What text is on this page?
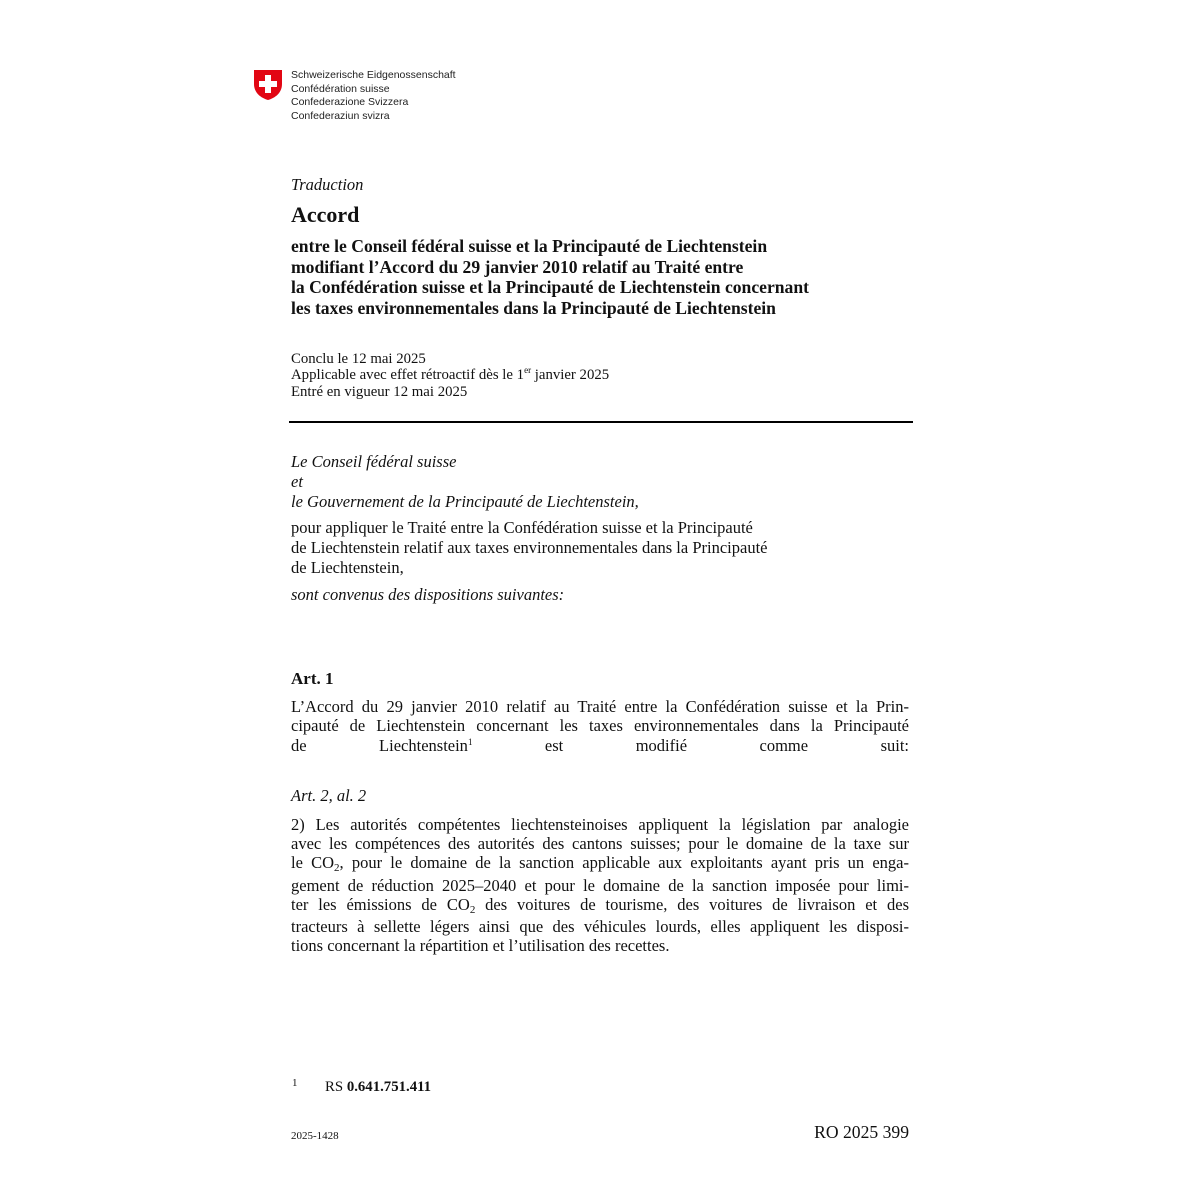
Schweizerische Eidgenossenschaft
Confédération suisse
Confederazione Svizzera
Confederaziun svizra
Traduction
Accord
entre le Conseil fédéral suisse et la Principauté de Liechtenstein
modifiant l’Accord du 29 janvier 2010 relatif au Traité entre
la Confédération suisse et la Principauté de Liechtenstein concernant
les taxes environnementales dans la Principauté de Liechtenstein
Conclu le 12 mai 2025
Applicable avec effet rétroactif dès le 1er janvier 2025
Entré en vigueur 12 mai 2025
Le Conseil fédéral suisse
et
le Gouvernement de la Principauté de Liechtenstein,
pour appliquer le Traité entre la Confédération suisse et la Principauté
de Liechtenstein relatif aux taxes environnementales dans la Principauté
de Liechtenstein,
sont convenus des dispositions suivantes:
Art. 1
L’Accord du 29 janvier 2010 relatif au Traité entre la Confédération suisse et la Prin-
cipauté de Liechtenstein concernant les taxes environnementales dans la Principauté
de Liechtenstein$^1$ est modifié comme suit:
Art. 2, al. 2
2) Les autorités compétentes liechtensteinoises appliquent la législation par analogie
avec les compétences des autorités des cantons suisses; pour le domaine de la taxe sur
le $CO_2$, pour le domaine de la sanction applicable aux exploitants ayant pris un enga-
gement de réduction 2025–2040 et pour le domaine de la sanction imposée pour limi-
ter les émissions de $CO_2$ des voitures de tourisme, des voitures de livraison et des
tracteurs à sellette légers ainsi que des véhicules lourds, elles appliquent les disposi-
tions concernant la répartition et l’utilisation des recettes.
1 RS 0.641.751.411
2025-1428	RO 2025 399
